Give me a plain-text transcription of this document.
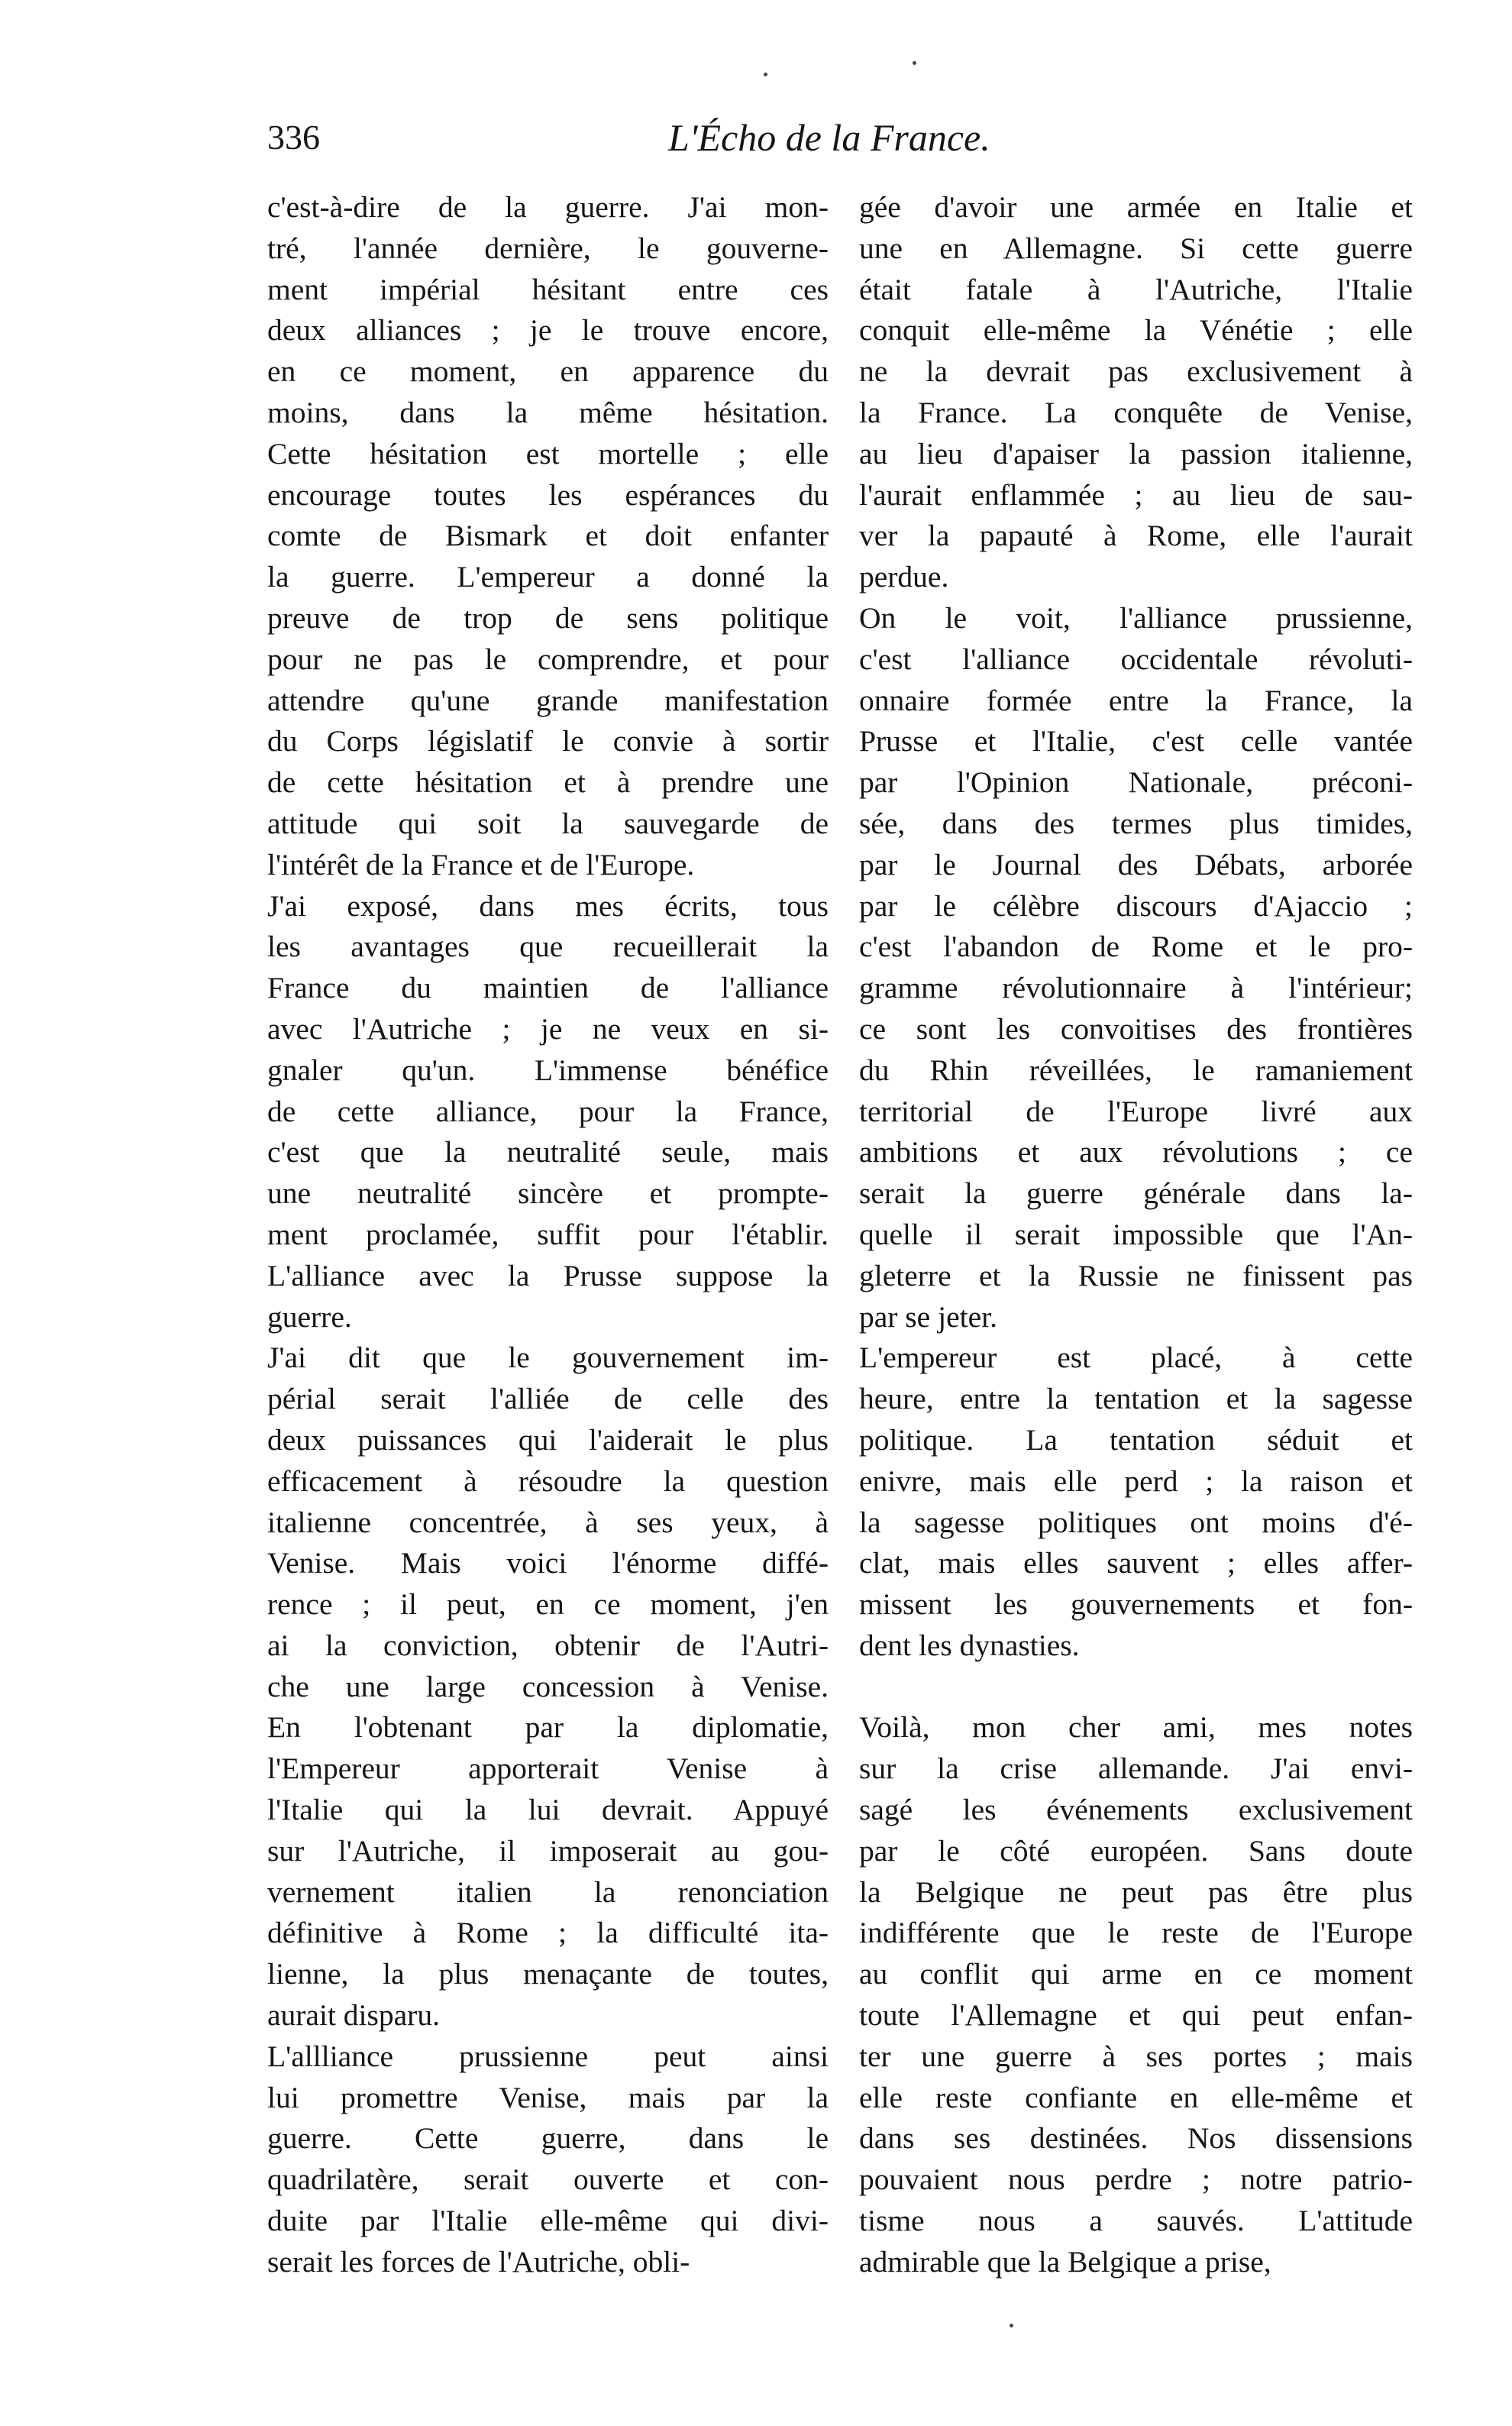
336	L'Écho de la France.
c'est-à-dire de la guerre. J'ai mon-
tré, l'année dernière, le gouverne-
ment impérial hésitant entre ces
deux alliances ; je le trouve encore,
en ce moment, en apparence du
moins, dans la même hésitation.
Cette hésitation est mortelle ; elle
encourage toutes les espérances du
comte de Bismark et doit enfanter
la guerre. L'empereur a donné la
preuve de trop de sens politique
pour ne pas le comprendre, et pour
attendre qu'une grande manifestation
du Corps législatif le convie à sortir
de cette hésitation et à prendre une
attitude qui soit la sauvegarde de
l'intérêt de la France et de l'Europe.
J'ai exposé, dans mes écrits, tous
les avantages que recueillerait la
France du maintien de l'alliance
avec l'Autriche ; je ne veux en si-
gnaler qu'un. L'immense bénéfice
de cette alliance, pour la France,
c'est que la neutralité seule, mais
une neutralité sincère et prompte-
ment proclamée, suffit pour l'établir.
L'alliance avec la Prusse suppose la
guerre.
J'ai dit que le gouvernement im-
périal serait l'alliée de celle des
deux puissances qui l'aiderait le plus
efficacement à résoudre la question
italienne concentrée, à ses yeux, à
Venise. Mais voici l'énorme diffé-
rence ; il peut, en ce moment, j'en
ai la conviction, obtenir de l'Autri-
che une large concession à Venise.
En l'obtenant par la diplomatie,
l'Empereur apporterait Venise à
l'Italie qui la lui devrait. Appuyé
sur l'Autriche, il imposerait au gou-
vernement italien la renonciation
définitive à Rome ; la difficulté ita-
lienne, la plus menaçante de toutes,
aurait disparu.
L'allliance prussienne peut ainsi
lui promettre Venise, mais par la
guerre. Cette guerre, dans le
quadrilatère, serait ouverte et con-
duite par l'Italie elle-même qui divi-
serait les forces de l'Autriche, obli-
gée d'avoir une armée en Italie et
une en Allemagne. Si cette guerre
était fatale à l'Autriche, l'Italie
conquit elle-même la Vénétie ; elle
ne la devrait pas exclusivement à
la France. La conquête de Venise,
au lieu d'apaiser la passion italienne,
l'aurait enflammée ; au lieu de sau-
ver la papauté à Rome, elle l'aurait
perdue.
On le voit, l'alliance prussienne,
c'est l'alliance occidentale révoluti-
onnaire formée entre la France, la
Prusse et l'Italie, c'est celle vantée
par l'Opinion Nationale, préconi-
sée, dans des termes plus timides,
par le Journal des Débats, arborée
par le célèbre discours d'Ajaccio ;
c'est l'abandon de Rome et le pro-
gramme révolutionnaire à l'intérieur;
ce sont les convoitises des frontières
du Rhin réveillées, le ramaniement
territorial de l'Europe livré aux
ambitions et aux révolutions ; ce
serait la guerre générale dans la-
quelle il serait impossible que l'An-
gleterre et la Russie ne finissent pas
par se jeter.
L'empereur est placé, à cette
heure, entre la tentation et la sagesse
politique. La tentation séduit et
enivre, mais elle perd ; la raison et
la sagesse politiques ont moins d'é-
clat, mais elles sauvent ; elles affer-
missent les gouvernements et fon-
dent les dynasties.
Voilà, mon cher ami, mes notes
sur la crise allemande. J'ai envi-
sagé les événements exclusivement
par le côté européen. Sans doute
la Belgique ne peut pas être plus
indifférente que le reste de l'Europe
au conflit qui arme en ce moment
toute l'Allemagne et qui peut enfan-
ter une guerre à ses portes ; mais
elle reste confiante en elle-même et
dans ses destinées. Nos dissensions
pouvaient nous perdre ; notre patrio-
tisme nous a sauvés. L'attitude
admirable que la Belgique a prise,
